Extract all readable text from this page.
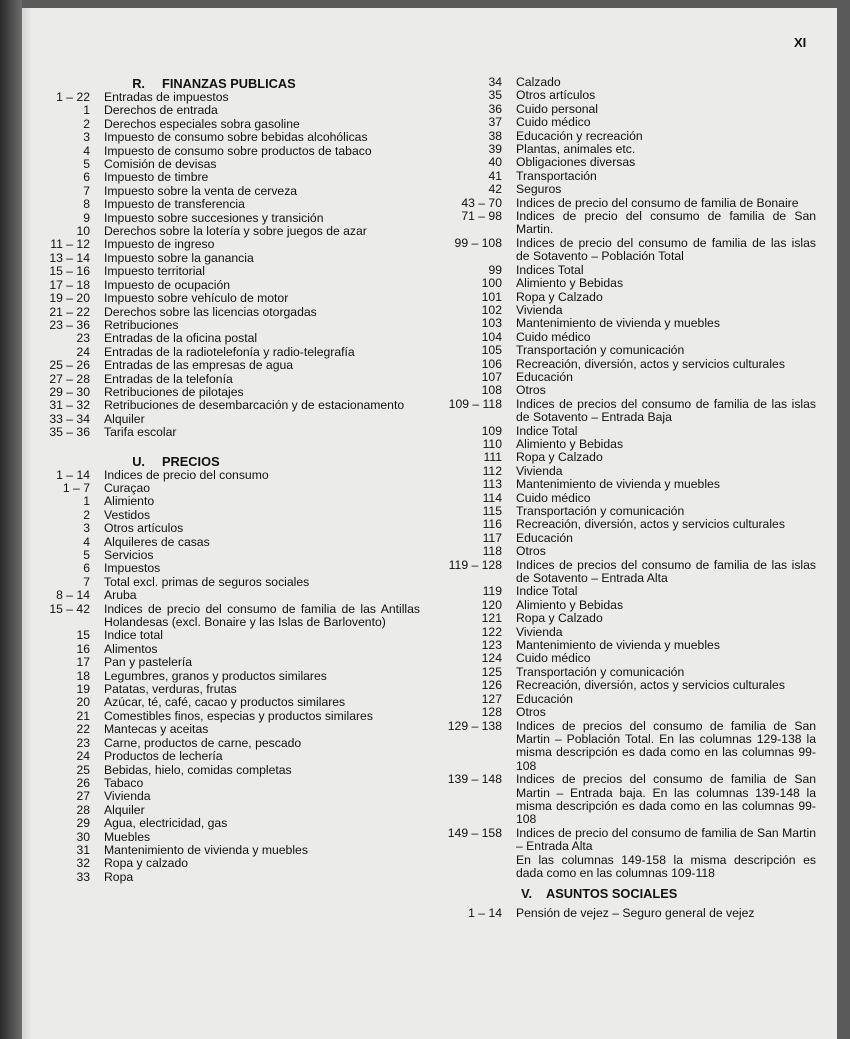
XI
R.	FINANZAS PUBLICAS
1 – 22	Entradas de impuestos
1	Derechos de entrada
2	Derechos especiales sobra gasoline
3	Impuesto de consumo sobre bebidas alcohólicas
4	Impuesto de consumo sobre productos de tabaco
5	Comisión de devisas
6	Impuesto de timbre
7	Impuesto sobre la venta de cerveza
8	Impuesto de transferencia
9	Impuesto sobre succesiones y transición
10	Derechos sobre la lotería y sobre juegos de azar
11 – 12	Impuesto de ingreso
13 – 14	Impuesto sobre la ganancia
15 – 16	Impuesto territorial
17 – 18	Impuesto de ocupación
19 – 20	Impuesto sobre vehículo de motor
21 – 22	Derechos sobre las licencias otorgadas
23 – 36	Retribuciones
23	Entradas de la oficina postal
24	Entradas de la radiotelefonía y radio-telegrafía
25 – 26	Entradas de las empresas de agua
27 – 28	Entradas de la telefonía
29 – 30	Retribuciones de pilotajes
31 – 32	Retribuciones de desembarcación y de estacionamento
33 – 34	Alquiler
35 – 36	Tarifa escolar
U.	PRECIOS
1 – 14	Indices de precio del consumo
1 – 7	Curaçao
1	Alimiento
2	Vestidos
3	Otros artículos
4	Alquileres de casas
5	Servicios
6	Impuestos
7	Total excl. primas de seguros sociales
8 – 14	Aruba
15 – 42	Indices de precio del consumo de familia de las Antillas Holandesas (excl. Bonaire y las Islas de Barlovento)
15	Indice total
16	Alimentos
17	Pan y pastelería
18	Legumbres, granos y productos similares
19	Patatas, verduras, frutas
20	Azúcar, té, café, cacao y productos similares
21	Comestibles finos, especias y productos similares
22	Mantecas y aceitas
23	Carne, productos de carne, pescado
24	Productos de lechería
25	Bebidas, hielo, comidas completas
26	Tabaco
27	Vivienda
28	Alquiler
29	Agua, electricidad, gas
30	Muebles
31	Mantenimiento de vivienda y muebles
32	Ropa y calzado
33	Ropa
34	Calzado
35	Otros artículos
36	Cuido personal
37	Cuido médico
38	Educación y recreación
39	Plantas, animales etc.
40	Obligaciones diversas
41	Transportación
42	Seguros
43 – 70	Indices de precio del consumo de familia de Bonaire
71 – 98	Indices de precio del consumo de familia de San Martin.
99 – 108	Indices de precio del consumo de familia de las islas de Sotavento – Población Total
99	Indices Total
100	Alimiento y Bebidas
101	Ropa y Calzado
102	Vivienda
103	Mantenimiento de vivienda y muebles
104	Cuido médico
105	Transportación y comunicación
106	Recreación, diversión, actos y servicios culturales
107	Educación
108	Otros
109 – 118	Indices de precios del consumo de familia de las islas de Sotavento – Entrada Baja
109	Indice Total
110	Alimiento y Bebidas
111	Ropa y Calzado
112	Vivienda
113	Mantenimiento de vivienda y muebles
114	Cuido médico
115	Transportación y comunicación
116	Recreación, diversión, actos y servicios culturales
117	Educación
118	Otros
119 – 128	Indices de precios del consumo de familia de las islas de Sotavento – Entrada Alta
119	Indice Total
120	Alimiento y Bebidas
121	Ropa y Calzado
122	Vivienda
123	Mantenimiento de vivienda y muebles
124	Cuido médico
125	Transportación y comunicación
126	Recreación, diversión, actos y servicios culturales
127	Educación
128	Otros
129 – 138	Indices de precios del consumo de familia de San Martin – Población Total. En las columnas 129-138 la misma descripción es dada como en las columnas 99-108
139 – 148	Indices de precios del consumo de familia de San Martin – Entrada baja. En las columnas 139-148 la misma descripción es dada como en las columnas 99-108
149 – 158	Indices de precio del consumo de familia de San Martin – Entrada Alta
En las columnas 149-158 la misma descripción es dada como en las columnas 109-118
V.	ASUNTOS SOCIALES
1 – 14	Pensión de vejez – Seguro general de vejez
